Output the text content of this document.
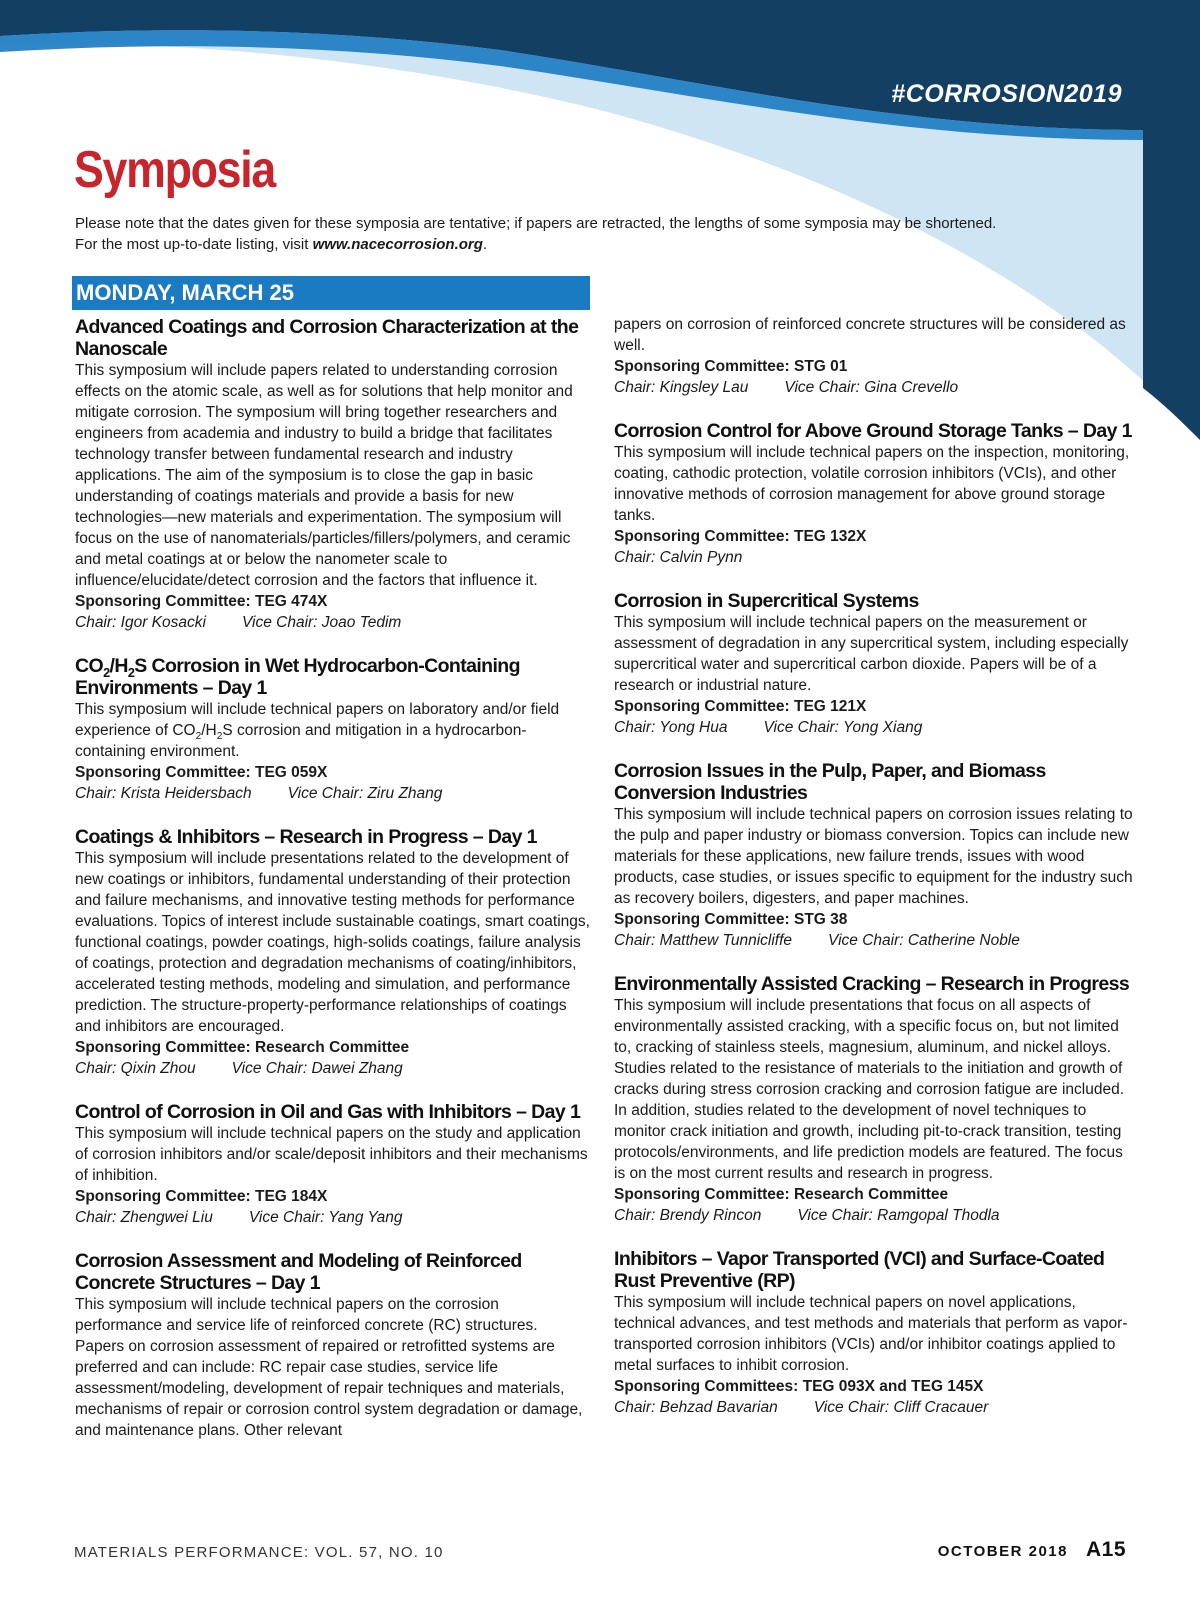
#CORROSION2019
Symposia
Please note that the dates given for these symposia are tentative; if papers are retracted, the lengths of some symposia may be shortened.
For the most up-to-date listing, visit www.nacecorrosion.org.
MONDAY, MARCH 25
Advanced Coatings and Corrosion Characterization at the Nanoscale

This symposium will include papers related to understanding corrosion effects on the atomic scale, as well as for solutions that help monitor and mitigate corrosion. The symposium will bring together researchers and engineers from academia and industry to build a bridge that facilitates technology transfer between fundamental research and industry applications. The aim of the symposium is to close the gap in basic understanding of coatings materials and provide a basis for new technologies—new materials and experimentation. The symposium will focus on the use of nanomaterials/particles/fillers/polymers, and ceramic and metal coatings at or below the nanometer scale to influence/elucidate/detect corrosion and the factors that influence it.

Sponsoring Committee: TEG 474X
Chair: Igor Kosacki Vice Chair: Joao Tedim
$CO_2/H_2S$ Corrosion in Wet Hydrocarbon-Containing Environments – Day 1

This symposium will include technical papers on laboratory and/or field experience of $CO_2/H_2S$ corrosion and mitigation in a hydrocarbon-containing environment.

Sponsoring Committee: TEG 059X
Chair: Krista Heidersbach Vice Chair: Ziru Zhang
Coatings & Inhibitors – Research in Progress – Day 1

This symposium will include presentations related to the development of new coatings or inhibitors, fundamental understanding of their protection and failure mechanisms, and innovative testing methods for performance evaluations. Topics of interest include sustainable coatings, smart coatings, functional coatings, powder coatings, high-solids coatings, failure analysis of coatings, protection and degradation mechanisms of coating/inhibitors, accelerated testing methods, modeling and simulation, and performance prediction. The structure-property-performance relationships of coatings and inhibitors are encouraged.

Sponsoring Committee: Research Committee
Chair: Qixin Zhou Vice Chair: Dawei Zhang
Control of Corrosion in Oil and Gas with Inhibitors – Day 1

This symposium will include technical papers on the study and application of corrosion inhibitors and/or scale/deposit inhibitors and their mechanisms of inhibition.

Sponsoring Committee: TEG 184X
Chair: Zhengwei Liu Vice Chair: Yang Yang
Corrosion Assessment and Modeling of Reinforced Concrete Structures – Day 1

This symposium will include technical papers on the corrosion performance and service life of reinforced concrete (RC) structures. Papers on corrosion assessment of repaired or retrofitted systems are preferred and can include: RC repair case studies, service life assessment/modeling, development of repair techniques and materials, mechanisms of repair or corrosion control system degradation or damage, and maintenance plans. Other relevant

papers on corrosion of reinforced concrete structures will be considered as well.

Sponsoring Committee: STG 01
Chair: Kingsley Lau Vice Chair: Gina Crevello
Corrosion Control for Above Ground Storage Tanks – Day 1

This symposium will include technical papers on the inspection, monitoring, coating, cathodic protection, volatile corrosion inhibitors (VCIs), and other innovative methods of corrosion management for above ground storage tanks.

Sponsoring Committee: TEG 132X
Chair: Calvin Pynn
Corrosion in Supercritical Systems

This symposium will include technical papers on the measurement or assessment of degradation in any supercritical system, including especially supercritical water and supercritical carbon dioxide. Papers will be of a research or industrial nature.

Sponsoring Committee: TEG 121X
Chair: Yong Hua Vice Chair: Yong Xiang
Corrosion Issues in the Pulp, Paper, and Biomass Conversion Industries

This symposium will include technical papers on corrosion issues relating to the pulp and paper industry or biomass conversion. Topics can include new materials for these applications, new failure trends, issues with wood products, case studies, or issues specific to equipment for the industry such as recovery boilers, digesters, and paper machines.

Sponsoring Committee: STG 38
Chair: Matthew Tunnicliffe Vice Chair: Catherine Noble
Environmentally Assisted Cracking – Research in Progress

This symposium will include presentations that focus on all aspects of environmentally assisted cracking, with a specific focus on, but not limited to, cracking of stainless steels, magnesium, aluminum, and nickel alloys. Studies related to the resistance of materials to the initiation and growth of cracks during stress corrosion cracking and corrosion fatigue are included. In addition, studies related to the development of novel techniques to monitor crack initiation and growth, including pit-to-crack transition, testing protocols/environments, and life prediction models are featured. The focus is on the most current results and research in progress.

Sponsoring Committee: Research Committee
Chair: Brendy Rincon Vice Chair: Ramgopal Thodla
Inhibitors – Vapor Transported (VCI) and Surface-Coated Rust Preventive (RP)

This symposium will include technical papers on novel applications, technical advances, and test methods and materials that perform as vapor-transported corrosion inhibitors (VCIs) and/or inhibitor coatings applied to metal surfaces to inhibit corrosion.

Sponsoring Committees: TEG 093X and TEG 145X
Chair: Behzad Bavarian Vice Chair: Cliff Cracauer
MATERIALS PERFORMANCE: VOL. 57, NO. 10	OCTOBER 2018 A15
